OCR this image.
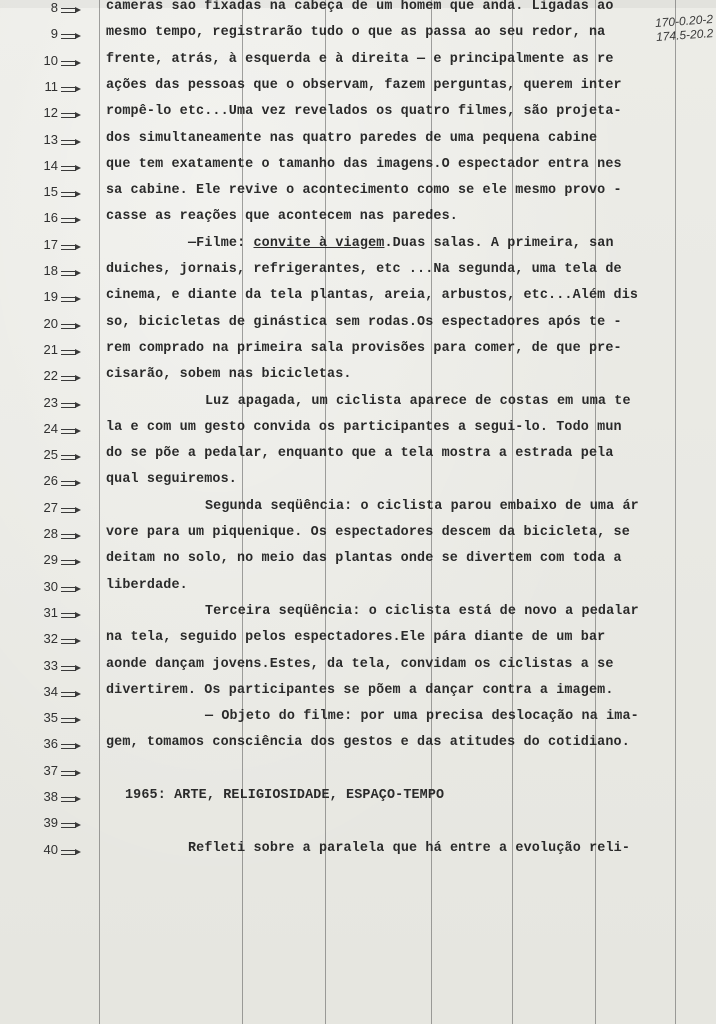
170-0.20-2
174.5-20.2
8	cameras sao fixadas na cabeça de um homem que anda. Ligadas ao
9	mesmo tempo, registrarão tudo o que as passa ao seu redor, na
10	frente, atrás, à esquerda e à direita — e principalmente as re
11	ações das pessoas que o observam, fazem perguntas, querem inter
12	rompê-lo etc...Uma vez revelados os quatro filmes, são projeta-
13	dos simultaneamente nas quatro paredes de uma pequena cabine
14	que tem exatamente o tamanho das imagens.O espectador entra nes
15	sa cabine. Ele revive o acontecimento como se ele mesmo provo -
16	casse as reações que acontecem nas paredes.
17	—Filme: convite à viagem.Duas salas. A primeira, san
18	duiches, jornais, refrigerantes, etc ...Na segunda, uma tela de
19	cinema, e diante da tela plantas, areia, arbustos, etc...Além dis
20	so, bicicletas de ginástica sem rodas.Os espectadores após te -
21	rem comprado na primeira sala provisões para comer, de que pre-
22	cisarão, sobem nas bicicletas.
23	Luz apagada, um ciclista aparece de costas em uma te
24	la e com um gesto convida os participantes a segui-lo. Todo mun
25	do se põe a pedalar, enquanto que a tela mostra a estrada pela
26	qual seguiremos.
27	Segunda seqüência: o ciclista parou embaixo de uma ár
28	vore para um piquenique. Os espectadores descem da bicicleta, se
29	deitam no solo, no meio das plantas onde se divertem com toda a
30	liberdade.
31	Terceira seqüência: o ciclista está de novo a pedalar
32	na tela, seguido pelos espectadores.Ele pára diante de um bar
33	aonde dançam jovens.Estes, da tela, convidam os ciclistas a se
34	divertirem. Os participantes se põem a dançar contra a imagem.
35	— Objeto do filme: por uma precisa deslocação na ima-
36	gem, tomamos consciência dos gestos e das atitudes do cotidiano.
37
38	1965: ARTE, RELIGIOSIDADE, ESPAÇO-TEMPO
39
40	Refleti sobre a paralela que há entre a evolução reli-
